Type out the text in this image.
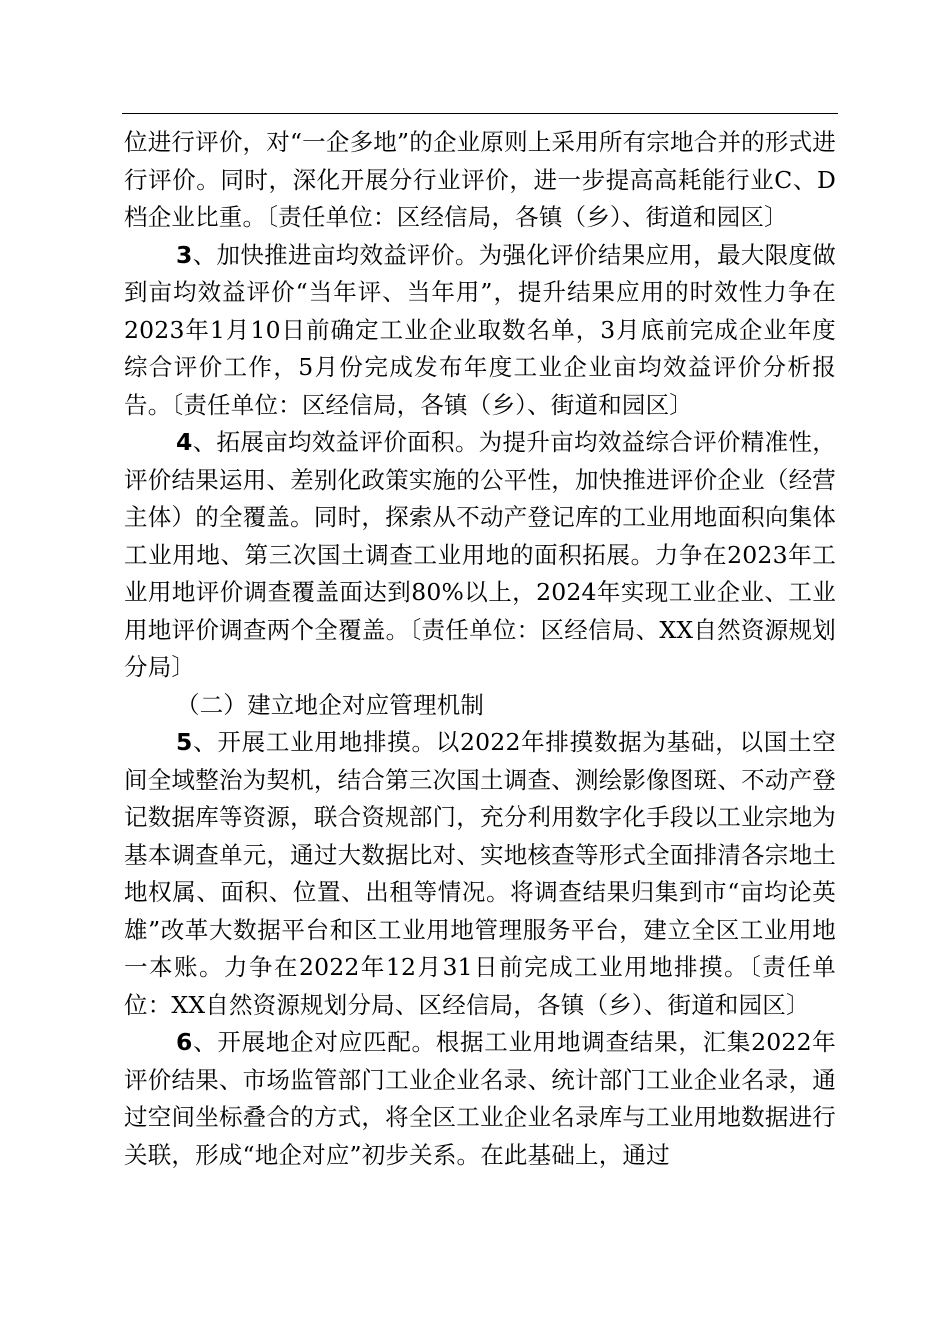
位进行评价，对“一企多地”的企业原则上采用所有宗地合并的形式进行评价。同时，深化开展分行业评价，进一步提高高耗能行业C、D档企业比重。〔责任单位：区经信局，各镇（乡）、街道和园区〕

3、加快推进亩均效益评价。为强化评价结果应用，最大限度做到亩均效益评价“当年评、当年用”，提升结果应用的时效性力争在2023年1月10日前确定工业企业取数名单，3月底前完成企业年度综合评价工作，5月份完成发布年度工业企业亩均效益评价分析报告。〔责任单位：区经信局，各镇（乡）、街道和园区〕

4、拓展亩均效益评价面积。为提升亩均效益综合评价精准性，评价结果运用、差别化政策实施的公平性，加快推进评价企业（经营主体）的全覆盖。同时，探索从不动产登记库的工业用地面积向集体工业用地、第三次国土调查工业用地的面积拓展。力争在2023年工业用地评价调查覆盖面达到80%以上，2024年实现工业企业、工业用地评价调查两个全覆盖。〔责任单位：区经信局、XX自然资源规划分局〕

（二）建立地企对应管理机制

5、开展工业用地排摸。以2022年排摸数据为基础，以国土空间全域整治为契机，结合第三次国土调查、测绘影像图斑、不动产登记数据库等资源，联合资规部门，充分利用数字化手段以工业宗地为基本调查单元，通过大数据比对、实地核查等形式全面排清各宗地土地权属、面积、位置、出租等情况。将调查结果归集到市“亩均论英雄”改革大数据平台和区工业用地管理服务平台，建立全区工业用地一本账。力争在2022年12月31日前完成工业用地排摸。〔责任单位：XX自然资源规划分局、区经信局，各镇（乡）、街道和园区〕

6、开展地企对应匹配。根据工业用地调查结果，汇集2022年评价结果、市场监管部门工业企业名录、统计部门工业企业名录，通过空间坐标叠合的方式，将全区工业企业名录库与工业用地数据进行关联，形成“地企对应”初步关系。在此基础上，通过
